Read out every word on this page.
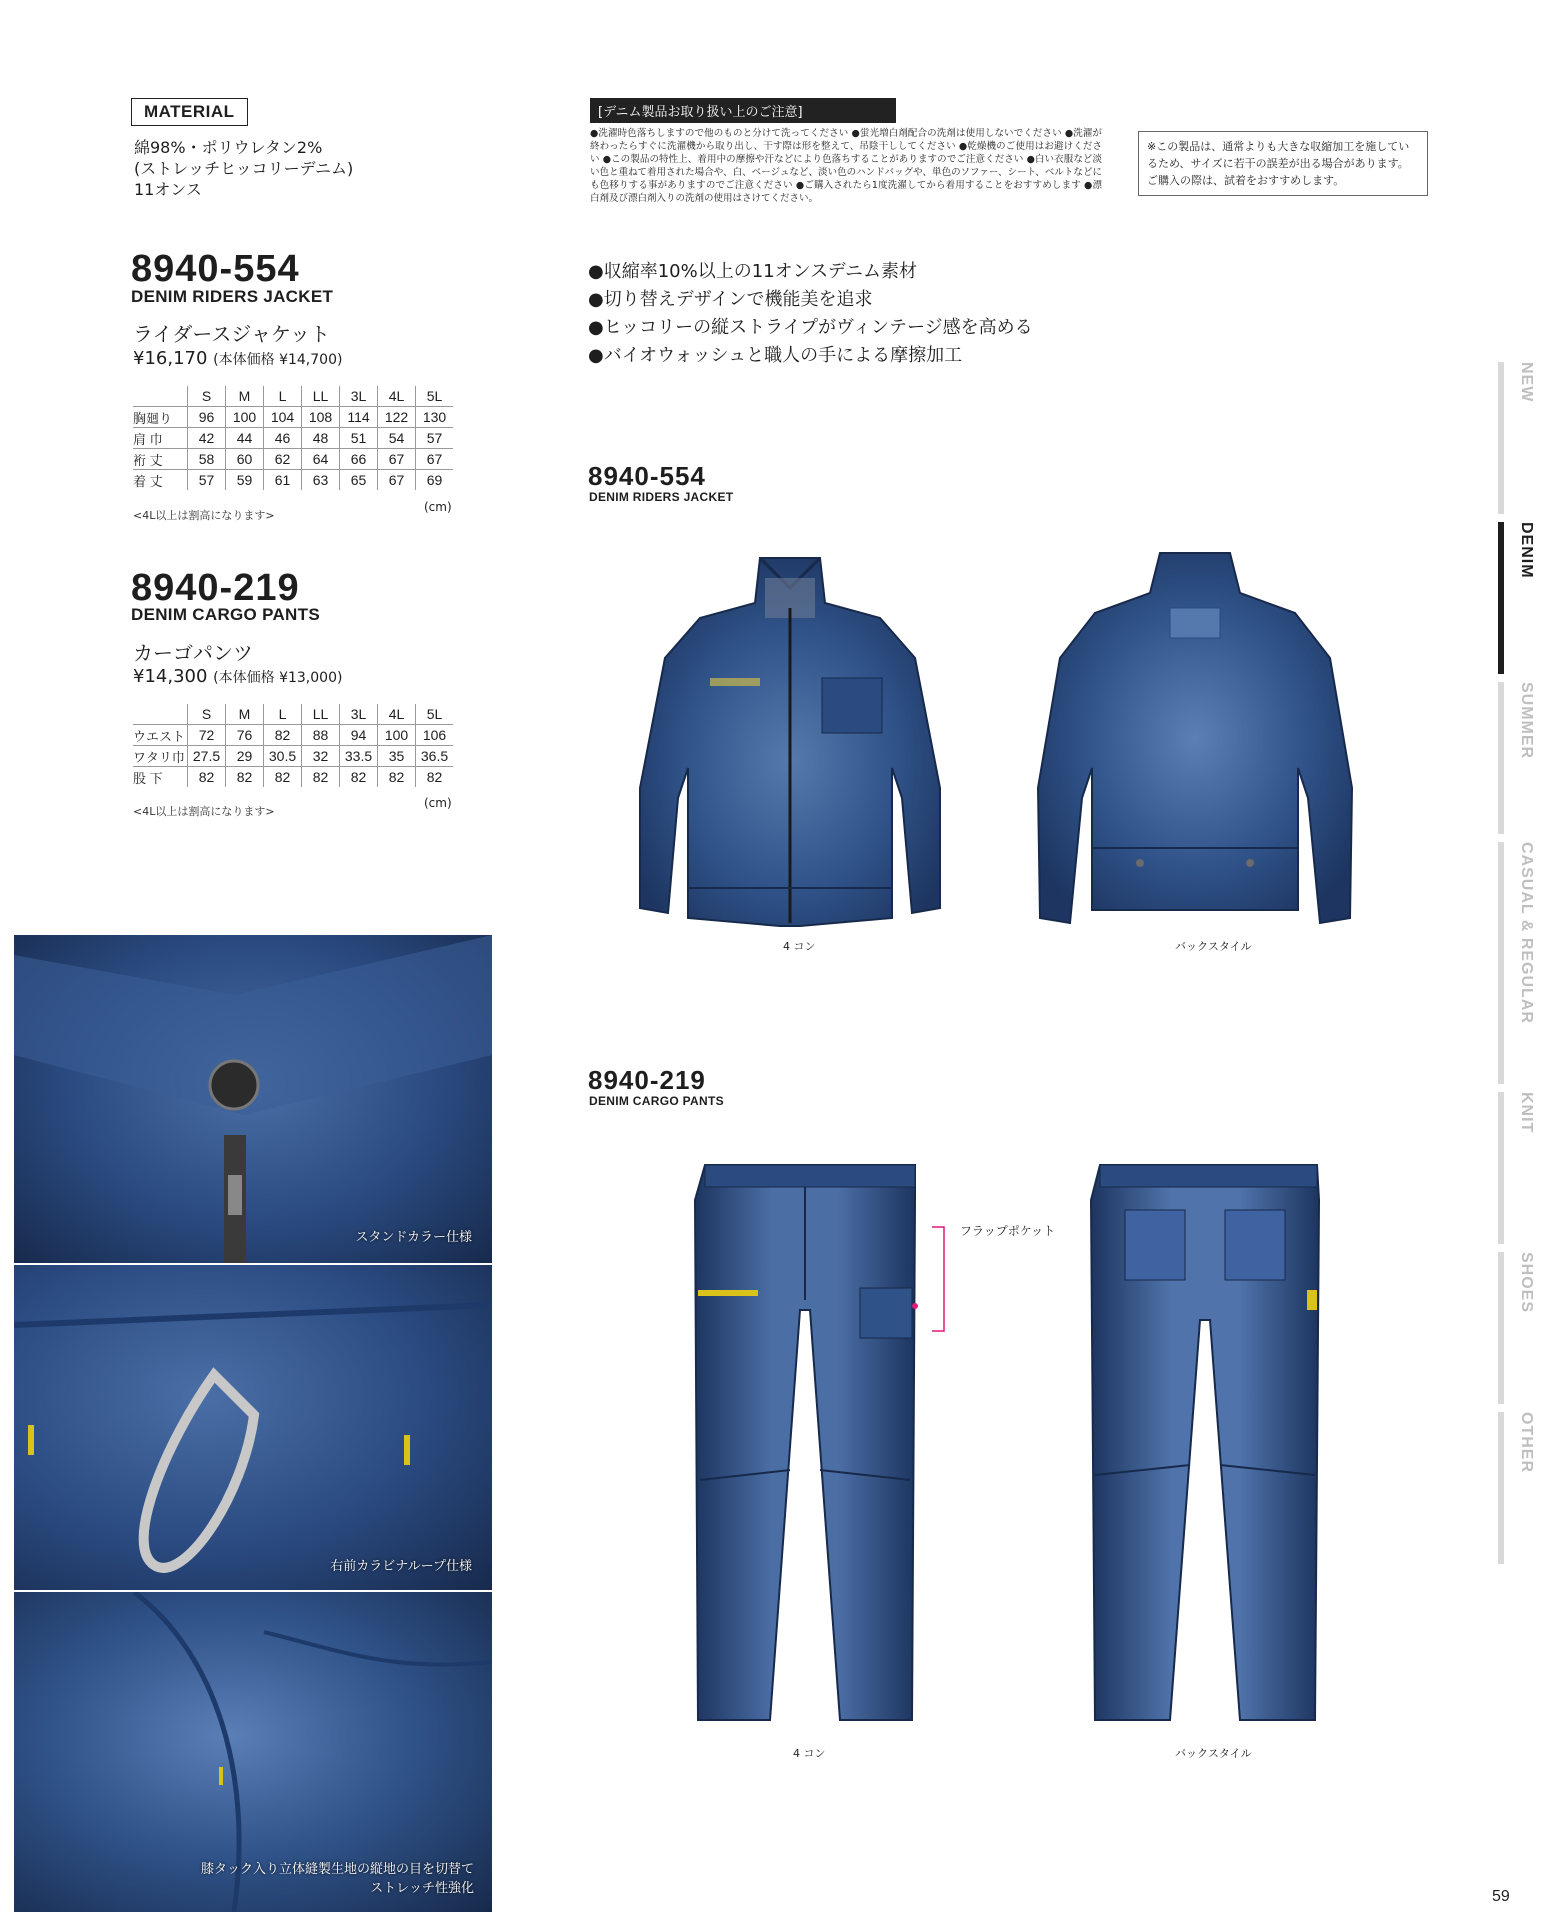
MATERIAL
綿98%・ポリウレタン2%
(ストレッチヒッコリーデニム)
11オンス
[デニム製品お取り扱い上のご注意]
●洗濯時色落ちしますので他のものと分けて洗ってください ●蛍光増白剤配合の洗剤は使用しないでください ●洗濯が終わったらすぐに洗濯機から取り出し、干す際は形を整えて、吊陰干ししてください ●乾燥機のご使用はお避けください ●この製品の特性上、着用中の摩擦や汗などにより色落ちすることがありますのでご注意ください ●白い衣服など淡い色と重ねて着用された場合や、白、ベージュなど、淡い色のハンドバッグや、単色のソファー、シート、ベルトなどにも色移りする事がありますのでご注意ください ●ご購入されたら1度洗濯してから着用することをおすすめします ●漂白剤及び漂白剤入りの洗剤の使用はさけてください。
※この製品は、通常よりも大きな収縮加工を施しているため、サイズに若干の誤差が出る場合があります。ご購入の際は、試着をおすすめします。
8940-554
DENIM RIDERS JACKET
ライダースジャケット
¥16,170 (本体価格 ¥14,700)
	S	M	L	LL	3L	4L	5L
胸廻り	96	100	104	108	114	122	130
肩 巾	42	44	46	48	51	54	57
裄 丈	58	60	62	64	66	67	67
着 丈	57	59	61	63	65	67	69
(cm)
<4L以上は割高になります>
8940-219
DENIM CARGO PANTS
カーゴパンツ
¥14,300 (本体価格 ¥13,000)
	S	M	L	LL	3L	4L	5L
ウエスト	72	76	82	88	94	100	106
ワタリ巾	27.5	29	30.5	32	33.5	35	36.5
股 下	82	82	82	82	82	82	82
(cm)
<4L以上は割高になります>
●収縮率10%以上の11オンスデニム素材
●切り替えデザインで機能美を追求
●ヒッコリーの縦ストライプがヴィンテージ感を高める
●バイオウォッシュと職人の手による摩擦加工
8940-554
DENIM RIDERS JACKET
8940-219
DENIM CARGO PANTS
4 コン	バックスタイル
フラップポケット
4 コン	バックスタイル
スタンドカラー仕様
右前カラビナループ仕様
膝タック入り立体縫製生地の縦地の目を切替て
ストレッチ性強化
NEW
DENIM
SUMMER
CASUAL & REGULAR
KNIT
SHOES
OTHER
59
